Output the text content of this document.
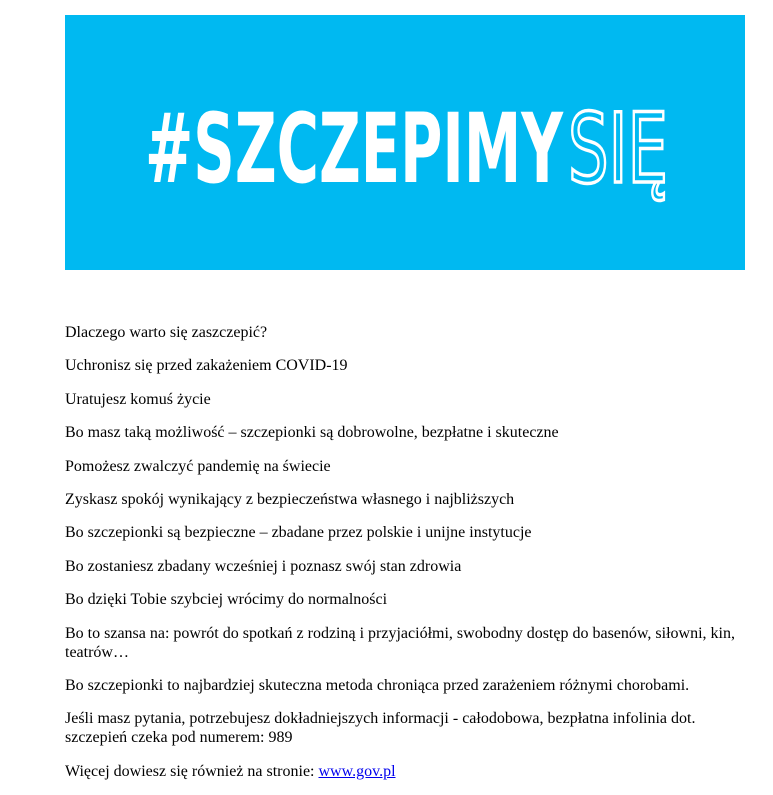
#SZCZEPIMY SIĘ

Dlaczego warto się zaszczepić?

Uchronisz się przed zakażeniem COVID-19

Uratujesz komuś życie

Bo masz taką możliwość – szczepionki są dobrowolne, bezpłatne i skuteczne

Pomożesz zwalczyć pandemię na świecie

Zyskasz spokój wynikający z bezpieczeństwa własnego i najbliższych

Bo szczepionki są bezpieczne – zbadane przez polskie i unijne instytucje

Bo zostaniesz zbadany wcześniej i poznasz swój stan zdrowia

Bo dzięki Tobie szybciej wrócimy do normalności

Bo to szansa na: powrót do spotkań z rodziną i przyjaciółmi, swobodny dostęp do basenów, siłowni, kin, teatrów…

Bo szczepionki to najbardziej skuteczna metoda chroniąca przed zarażeniem różnymi chorobami.

Jeśli masz pytania, potrzebujesz dokładniejszych informacji - całodobowa, bezpłatna infolinia dot. szczepień czeka pod numerem: 989

Więcej dowiesz się również na stronie: www.gov.pl
